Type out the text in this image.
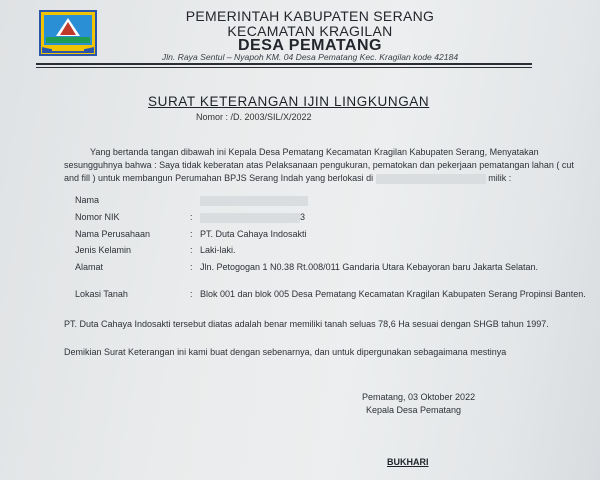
PEMERINTAH KABUPATEN SERANG
KECAMATAN KRAGILAN
DESA PEMATANG
Jln. Raya Sentul – Nyapoh KM. 04 Desa Pematang Kec. Kragilan kode 42184
SURAT KETERANGAN IJIN LINGKUNGAN
Nomor : /D. 2003/SIL/X/2022
Yang bertanda tangan dibawah ini Kepala Desa Pematang Kecamatan Kragilan Kabupaten Serang, Menyatakan sesungguhnya bahwa : Saya tidak keberatan atas Pelaksanaan pengukuran, pematokan dan pekerjaan pematangan lahan ( cut and fill ) untuk membangun Perumahan BPJS Serang Indah yang berlokasi di	milik :
Nama
Nomor NIK	:	3
Nama Perusahaan	: PT. Duta Cahaya Indosakti
Jenis Kelamin	: Laki-laki.
Alamat	: Jln. Petogogan 1 N0.38 Rt.008/011 Gandaria Utara Kebayoran baru Jakarta Selatan.
Lokasi Tanah	: Blok 001 dan blok 005 Desa Pematang Kecamatan Kragilan Kabupaten Serang Propinsi Banten.
PT. Duta Cahaya Indosakti tersebut diatas adalah benar memiliki tanah seluas 78,6 Ha sesuai dengan SHGB tahun 1997.
Demikian Surat Keterangan ini kami buat dengan sebenarnya, dan untuk dipergunakan sebagaimana mestinya
Pematang, 03 Oktober 2022
Kepala Desa Pematang
BUKHARI
